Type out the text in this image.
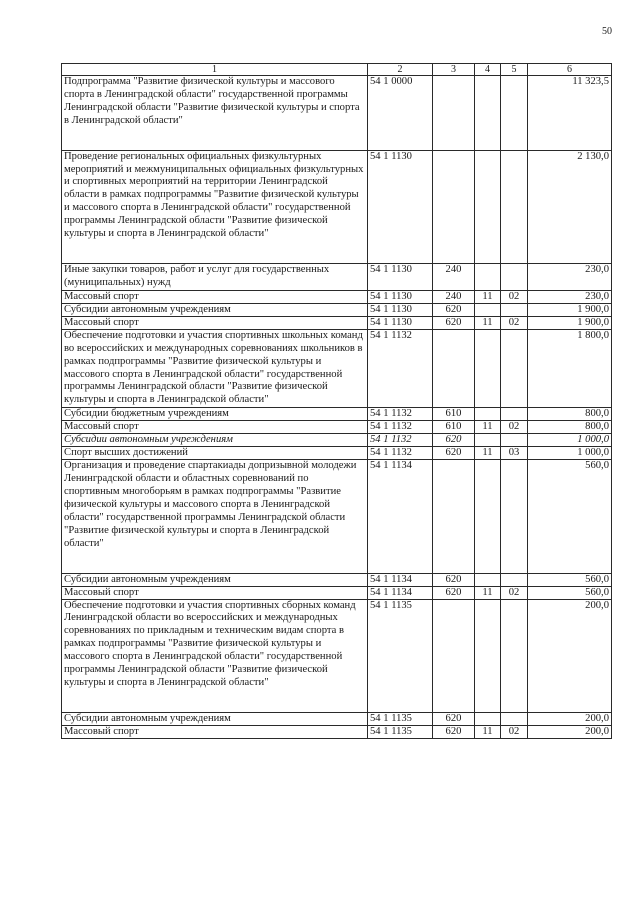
50
1	2	3	4	5	6
Подпрограмма "Развитие физической культуры и массового спорта в Ленинградской области" государственной программы Ленинградской области "Развитие физической культуры и спорта в Ленинградской области"	54 1 0000				11 323,5
Проведение региональных официальных физкультурных мероприятий и межмуниципальных официальных физкультурных и спортивных мероприятий на территории Ленинградской области в рамках подпрограммы "Развитие физической культуры и массового спорта в Ленинградской области" государственной программы Ленинградской области "Развитие физической культуры и спорта в Ленинградской области"	54 1 1130				2 130,0
Иные закупки товаров, работ и услуг для государственных (муниципальных) нужд	54 1 1130	240			230,0
Массовый спорт	54 1 1130	240	11	02	230,0
Субсидии автономным учреждениям	54 1 1130	620			1 900,0
Массовый спорт	54 1 1130	620	11	02	1 900,0
Обеспечение подготовки и участия спортивных школьных команд во всероссийских и международных соревнованиях школьников в рамках подпрограммы "Развитие физической культуры и массового спорта в Ленинградской области" государственной программы Ленинградской области "Развитие физической культуры и спорта в Ленинградской области"	54 1 1132				1 800,0
Субсидии бюджетным учреждениям	54 1 1132	610			800,0
Массовый спорт	54 1 1132	610	11	02	800,0
Субсидии автономным учреждениям	54 1 1132	620			1 000,0
Спорт высших достижений	54 1 1132	620	11	03	1 000,0
Организация и проведение спартакиады допризывной молодежи Ленинградской области и областных соревнований по спортивным многоборьям в рамках подпрограммы "Развитие физической культуры и массового спорта в Ленинградской области" государственной программы Ленинградской области "Развитие физической культуры и спорта в Ленинградской области"	54 1 1134				560,0
Субсидии автономным учреждениям	54 1 1134	620			560,0
Массовый спорт	54 1 1134	620	11	02	560,0
Обеспечение подготовки и участия спортивных сборных команд Ленинградской области во всероссийских и международных соревнованиях по прикладным и техническим видам спорта в рамках подпрограммы "Развитие физической культуры и массового спорта в Ленинградской области" государственной программы Ленинградской области "Развитие физической культуры и спорта в Ленинградской области"	54 1 1135				200,0
Субсидии автономным учреждениям	54 1 1135	620			200,0
Массовый спорт	54 1 1135	620	11	02	200,0
